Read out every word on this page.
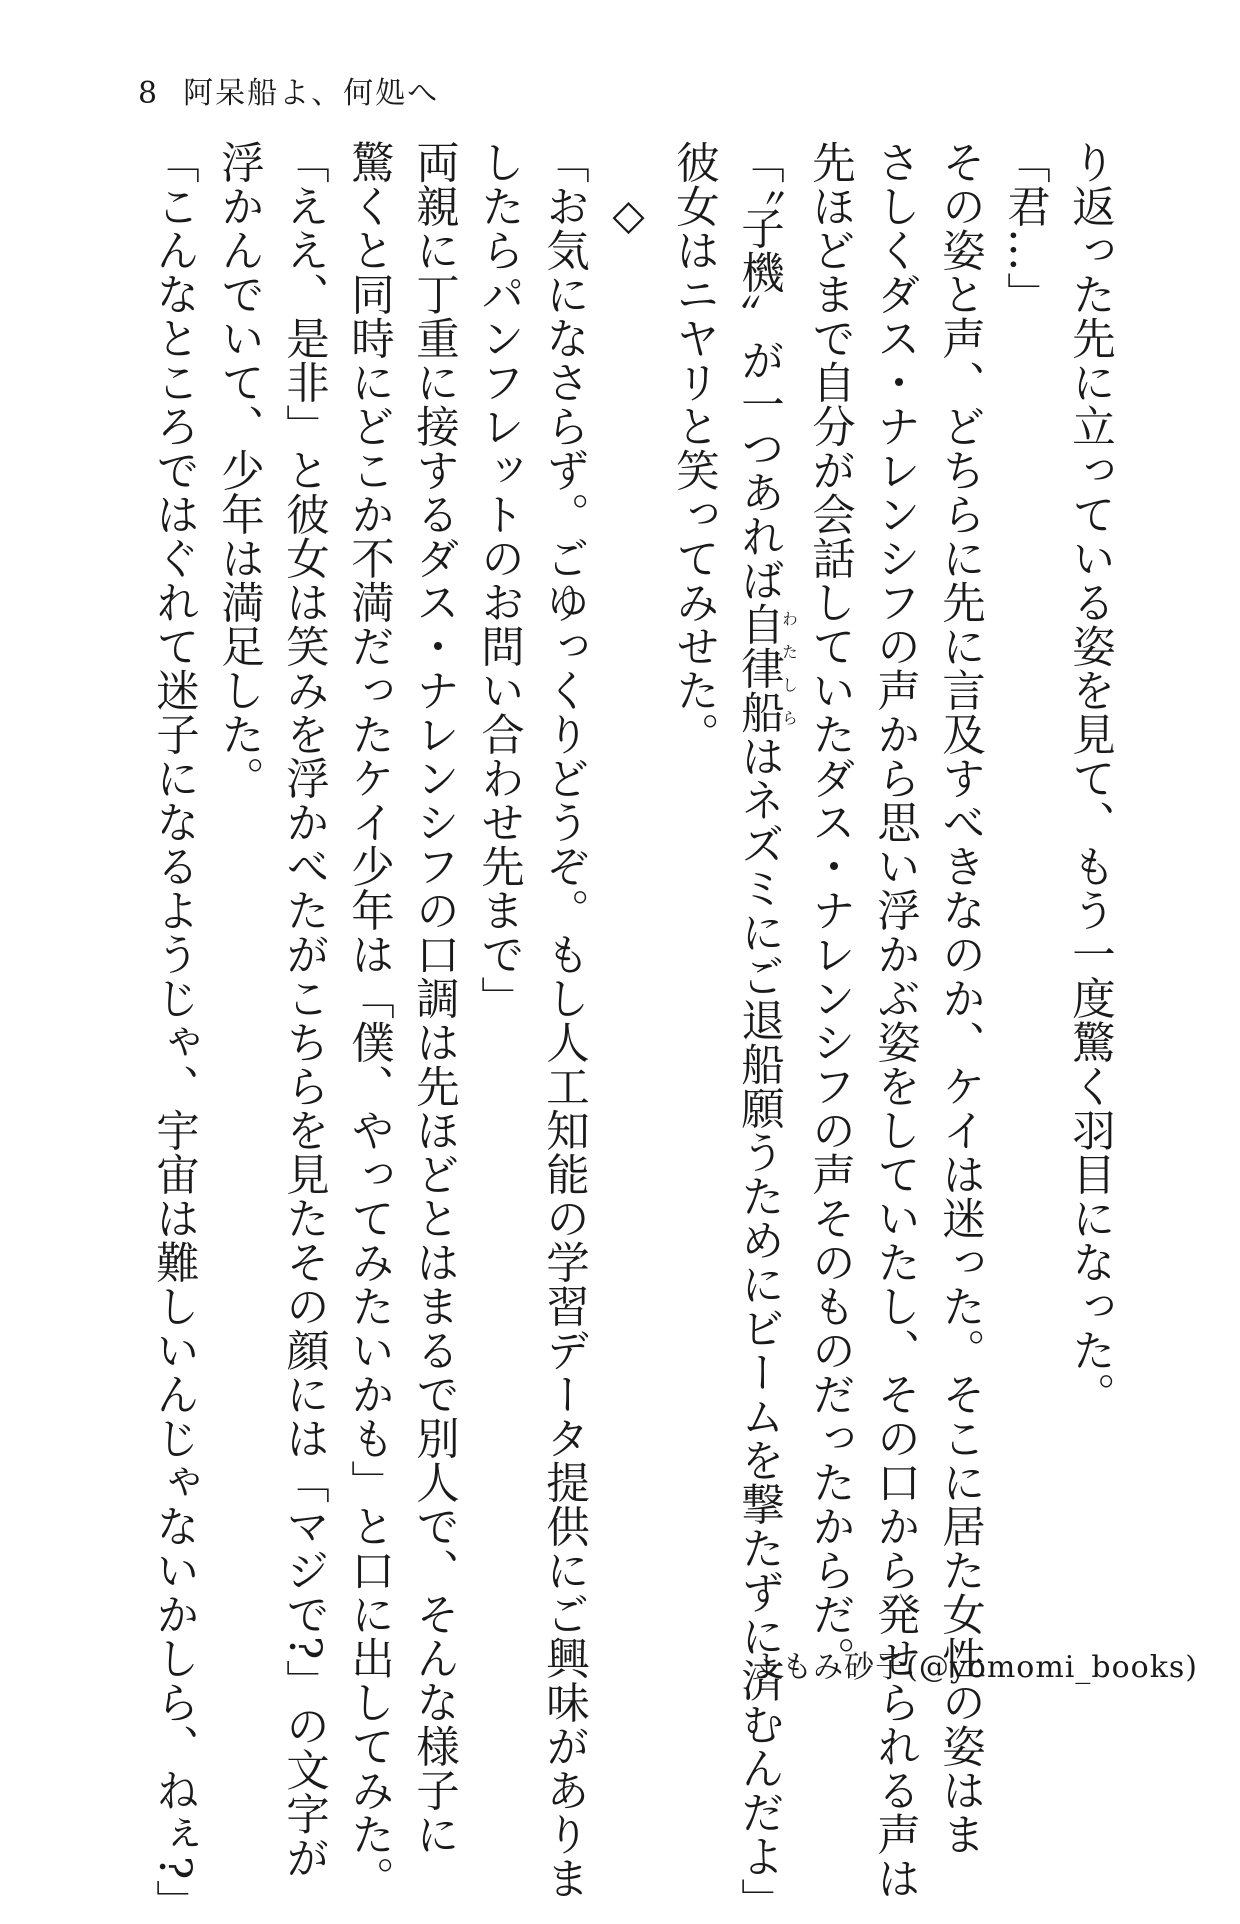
8 阿呆船よ、何処へ
り返った先に立っている姿を見て、もう一度驚く羽目になった。
「君…」
その姿と声、どちらに先に言及すべきなのか、ケイは迷った。そこに居た女性の姿はま
さしくダス・ナレンシフの声から思い浮かぶ姿をしていたし、その口から発せられる声は
先ほどまで自分が会話していたダス・ナレンシフの声そのものだったからだ。
「〝子機〟が一つあれば自律船わたしらはネズミにご退船願うためにビームを撃たずに済むんだよ」
彼女はニヤリと笑ってみせた。
◇
「お気になさらず。ごゆっくりどうぞ。もし人工知能の学習データ提供にご興味がありま
したらパンフレットのお問い合わせ先まで」
両親に丁重に接するダス・ナレンシフの口調は先ほどとはまるで別人で、そんな様子に
驚くと同時にどこか不満だったケイ少年は「僕、やってみたいかも」と口に出してみた。
「ええ、是非」と彼女は笑みを浮かべたがこちらを見たその顔には「マジで?」の文字が
浮かんでいて、少年は満足した。
「こんなところではぐれて迷子になるようじゃ、宇宙は難しいんじゃないかしら、ねぇ?」	よもみ砂子(@yomomi_books)
